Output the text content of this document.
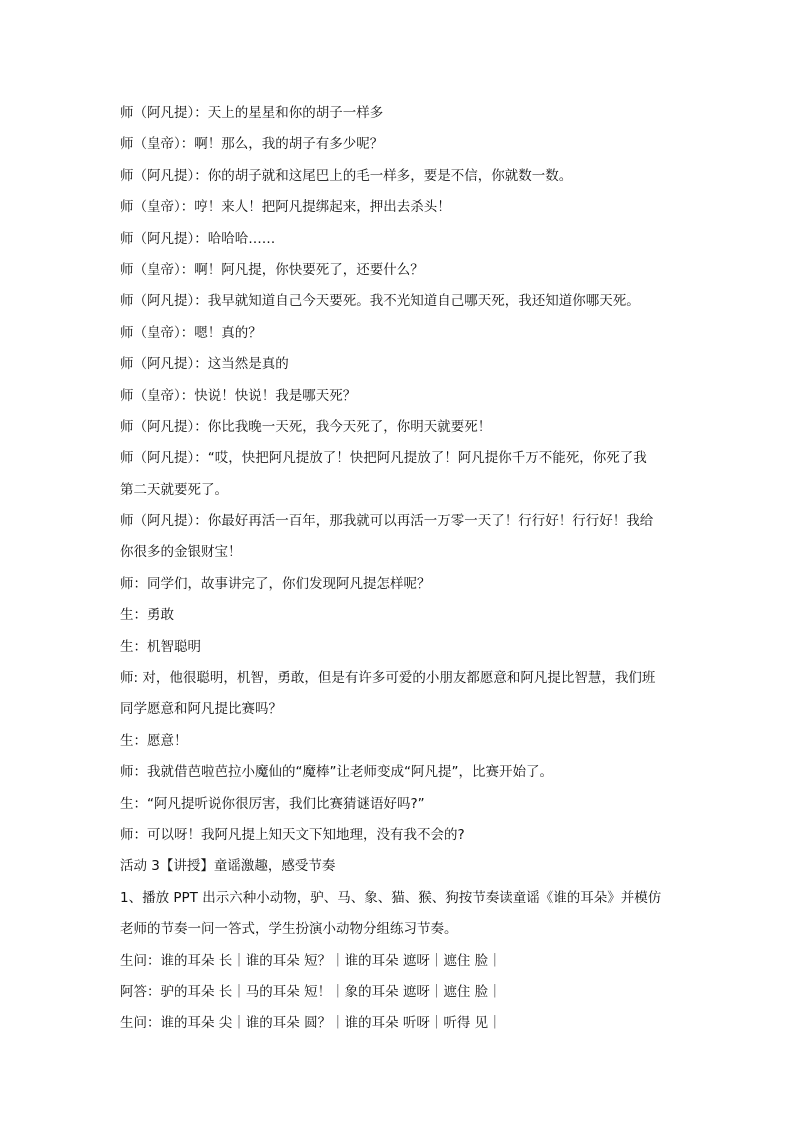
师（阿凡提）：天上的星星和你的胡子一样多
师（皇帝）：啊！那么，我的胡子有多少呢？
师（阿凡提）：你的胡子就和这尾巴上的毛一样多，要是不信，你就数一数。
师（皇帝）：哼！来人！把阿凡提绑起来，押出去杀头！
师（阿凡提）：哈哈哈……
师（皇帝）：啊！阿凡提，你快要死了，还要什么？
师（阿凡提）：我早就知道自己今天要死。我不光知道自己哪天死，我还知道你哪天死。
师（皇帝）：嗯！真的？
师（阿凡提）：这当然是真的
师（皇帝）：快说！快说！我是哪天死？
师（阿凡提）：你比我晚一天死，我今天死了，你明天就要死！
师（阿凡提）：“哎，快把阿凡提放了！快把阿凡提放了！阿凡提你千万不能死，你死了我
第二天就要死了。
师（阿凡提）：你最好再活一百年，那我就可以再活一万零一天了！行行好！行行好！我给
你很多的金银财宝！
师：同学们，故事讲完了，你们发现阿凡提怎样呢？
生：勇敢
生：机智聪明
师: 对，他很聪明，机智，勇敢，但是有许多可爱的小朋友都愿意和阿凡提比智慧，我们班
同学愿意和阿凡提比赛吗？
生：愿意！
师：我就借芭啦芭拉小魔仙的“魔棒”让老师变成“阿凡提”，比赛开始了。
生：“阿凡提听说你很厉害，我们比赛猜谜语好吗?”
师：可以呀！我阿凡提上知天文下知地理，没有我不会的?
活动 3【讲授】童谣激趣，感受节奏
1、播放 PPT 出示六种小动物，驴、马、象、猫、猴、狗按节奏读童谣《谁的耳朵》并模仿
老师的节奏一问一答式，学生扮演小动物分组练习节奏。
生问：谁的耳朵 长｜谁的耳朵 短？｜谁的耳朵 遮呀｜遮住 脸｜
阿答：驴的耳朵 长｜马的耳朵 短！｜象的耳朵 遮呀｜遮住 脸｜
生问：谁的耳朵 尖｜谁的耳朵 圆？｜谁的耳朵 听呀｜听得 见｜
